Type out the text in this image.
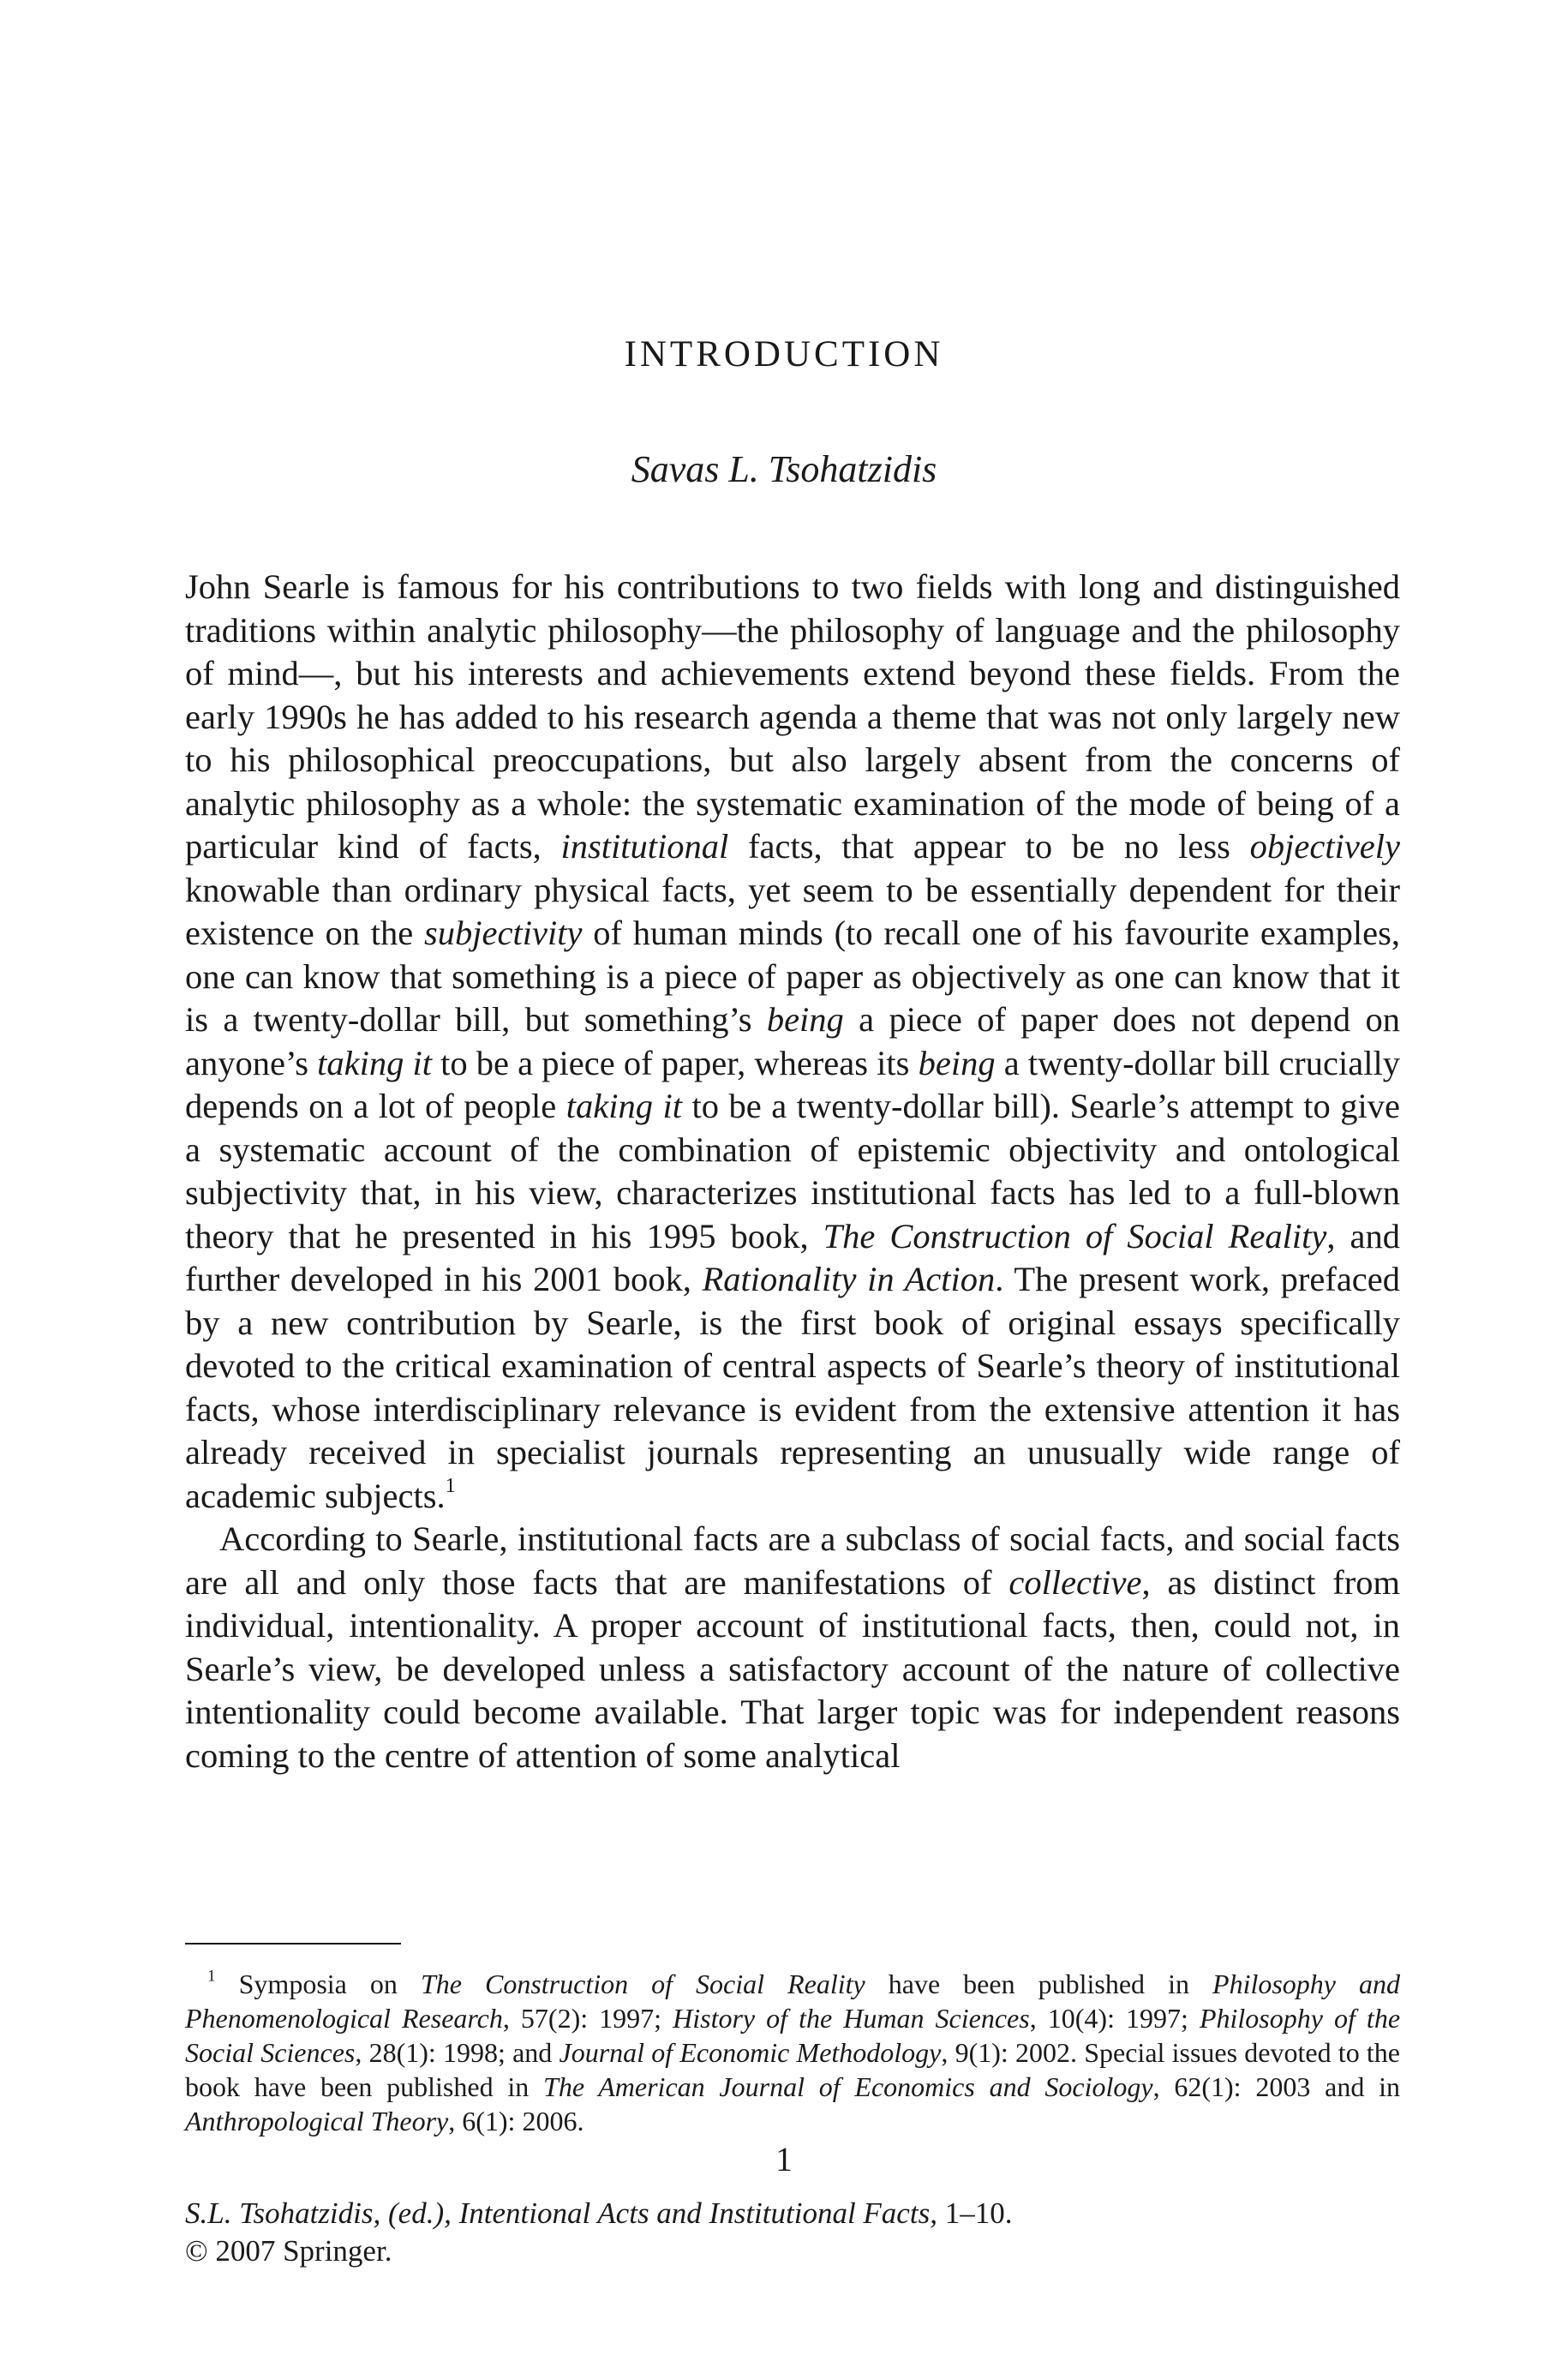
INTRODUCTION
Savas L. Tsohatzidis

John Searle is famous for his contributions to two fields with long and distinguished traditions within analytic philosophy—the philosophy of language and the philosophy of mind—, but his interests and achievements extend beyond these fields. From the early 1990s he has added to his research agenda a theme that was not only largely new to his philosophical preoccupations, but also largely absent from the concerns of analytic philosophy as a whole: the systematic examination of the mode of being of a particular kind of facts, institutional facts, that appear to be no less objectively knowable than ordinary physical facts, yet seem to be essentially dependent for their existence on the subjectivity of human minds (to recall one of his favourite examples, one can know that something is a piece of paper as objectively as one can know that it is a twenty-dollar bill, but something’s being a piece of paper does not depend on anyone’s taking it to be a piece of paper, whereas its being a twenty-dollar bill crucially depends on a lot of people taking it to be a twenty-dollar bill). Searle’s attempt to give a systematic account of the combination of epistemic objectivity and ontological subjectivity that, in his view, characterizes institutional facts has led to a full-blown theory that he presented in his 1995 book, The Construction of Social Reality, and further developed in his 2001 book, Rationality in Action. The present work, prefaced by a new contribution by Searle, is the first book of original essays specifically devoted to the critical examination of central aspects of Searle’s theory of institutional facts, whose interdisciplinary relevance is evident from the extensive attention it has already received in specialist journals representing an unusually wide range of academic subjects.$^1$

According to Searle, institutional facts are a subclass of social facts, and social facts are all and only those facts that are manifestations of collective, as distinct from individual, intentionality. A proper account of institutional facts, then, could not, in Searle’s view, be developed unless a satisfactory account of the nature of collective intentionality could become available. That larger topic was for independent reasons coming to the centre of attention of some analytical

$^1$ Symposia on The Construction of Social Reality have been published in Philosophy and Phenomenological Research, 57(2): 1997; History of the Human Sciences, 10(4): 1997; Philosophy of the Social Sciences, 28(1): 1998; and Journal of Economic Methodology, 9(1): 2002. Special issues devoted to the book have been published in The American Journal of Economics and Sociology, 62(1): 2003 and in Anthropological Theory, 6(1): 2006.

1
S.L. Tsohatzidis, (ed.), Intentional Acts and Institutional Facts, 1–10.
© 2007 Springer.
